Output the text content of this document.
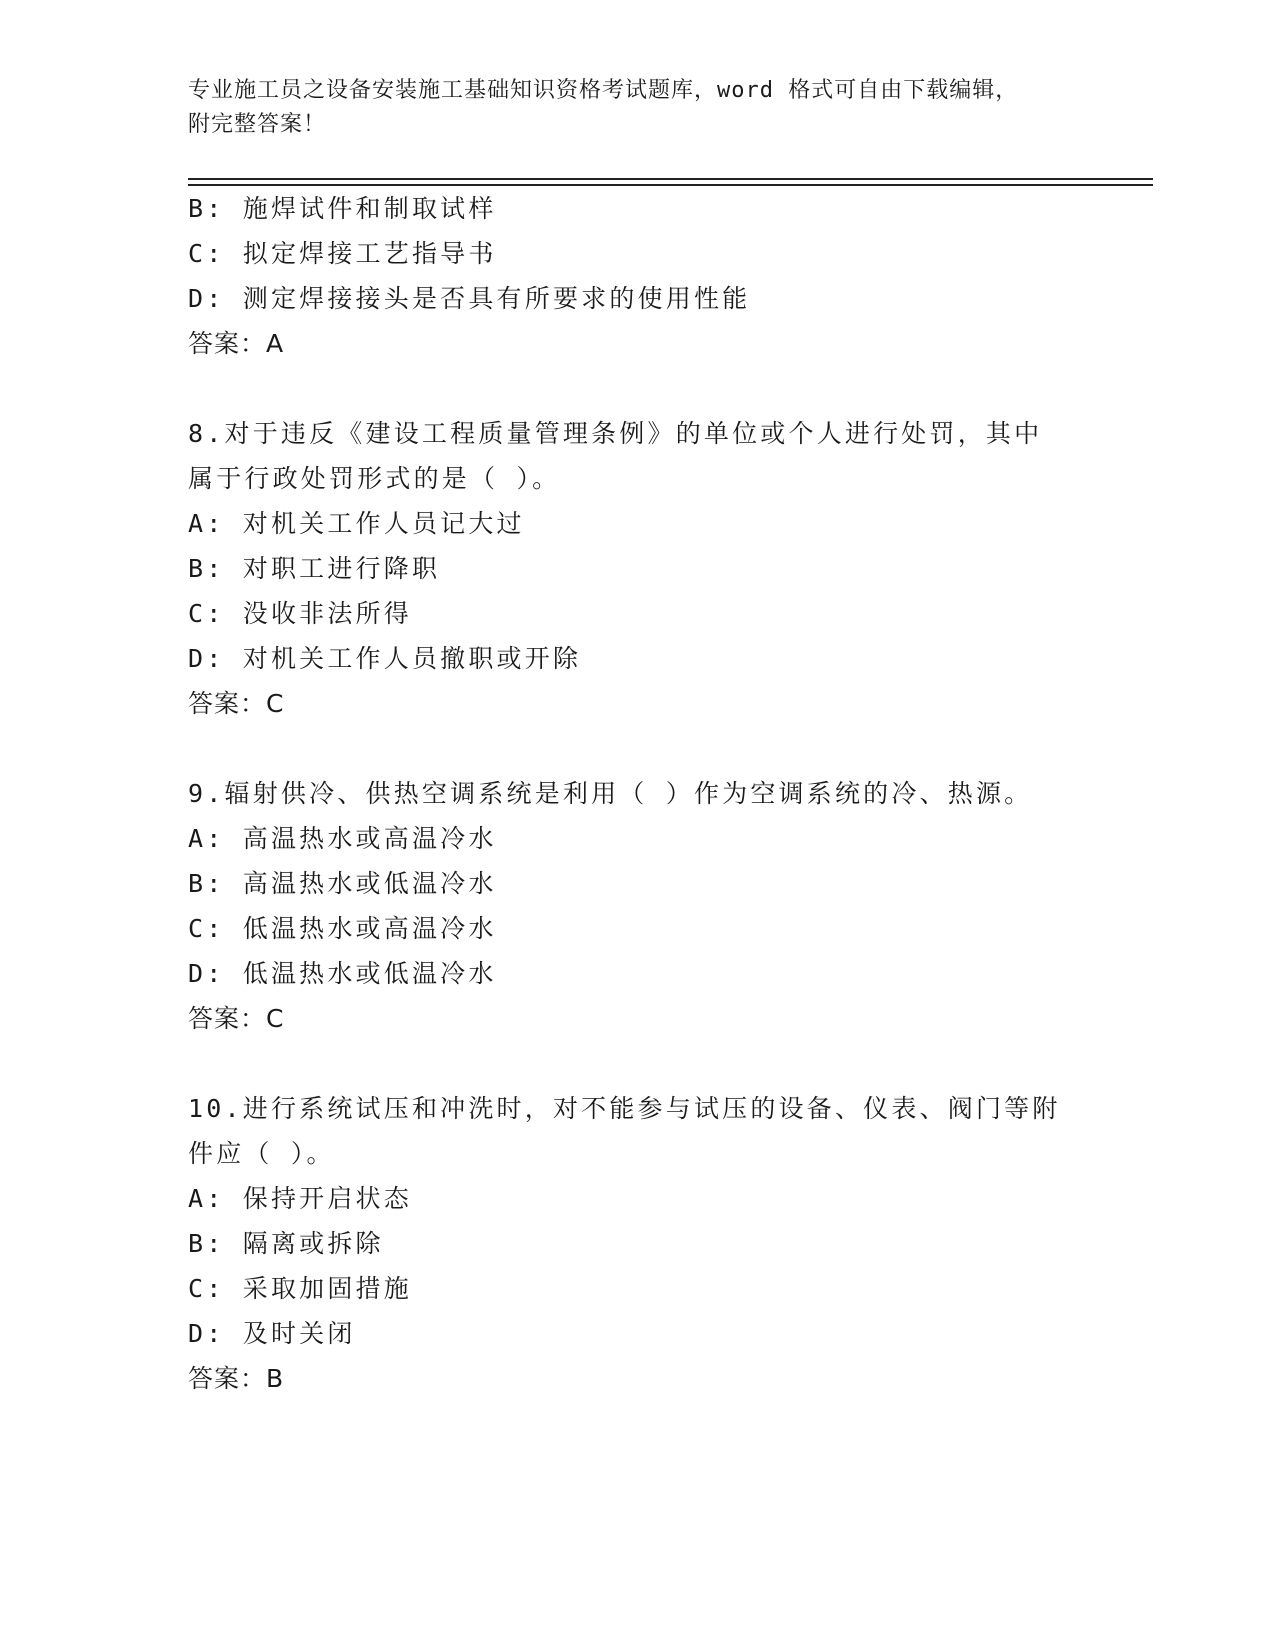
专业施工员之设备安装施工基础知识资格考试题库，word 格式可自由下载编辑，
附完整答案！
B: 施焊试件和制取试样
C: 拟定焊接工艺指导书
D: 测定焊接接头是否具有所要求的使用性能
答案：A
8.对于违反《建设工程质量管理条例》的单位或个人进行处罚，其中
属于行政处罚形式的是（ ）。
A: 对机关工作人员记大过
B: 对职工进行降职
C: 没收非法所得
D: 对机关工作人员撤职或开除
答案：C
9.辐射供冷、供热空调系统是利用（ ）作为空调系统的冷、热源。
A: 高温热水或高温冷水
B: 高温热水或低温冷水
C: 低温热水或高温冷水
D: 低温热水或低温冷水
答案：C
10.进行系统试压和冲洗时，对不能参与试压的设备、仪表、阀门等附
件应（ ）。
A: 保持开启状态
B: 隔离或拆除
C: 采取加固措施
D: 及时关闭
答案：B
